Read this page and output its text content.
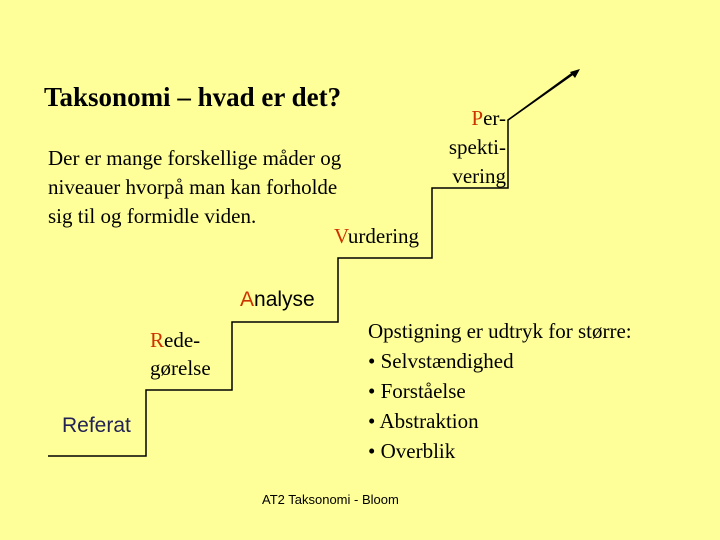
Taksonomi – hvad er det?
Der er mange forskellige måder og niveauer hvorpå man kan forholde sig til og formidle viden.
Referat
Rede-
gørelse
Analyse
Vurdering
Per-
spekti-
vering
Opstigning er udtryk for større:
• Selvstændighed
• Forståelse
• Abstraktion
• Overblik
AT2 Taksonomi - Bloom
